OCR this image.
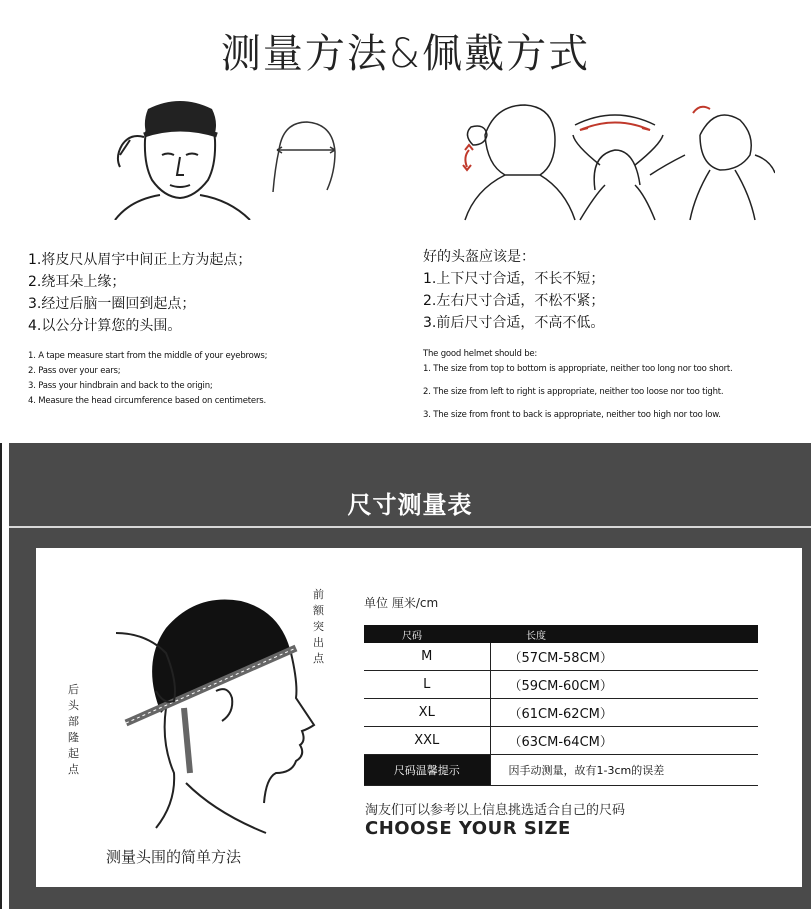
测量方法&佩戴方式
1.将皮尺从眉宇中间正上方为起点；
2.绕耳朵上缘；
3.经过后脑一圈回到起点；
4.以公分计算您的头围。
1. A tape measure start from the middle of your eyebrows;
2. Pass over your ears;
3. Pass your hindbrain and back to the origin;
4. Measure the head circumference based on centimeters.
好的头盔应该是：
1.上下尺寸合适，不长不短；
2.左右尺寸合适，不松不紧；
3.前后尺寸合适，不高不低。
The good helmet should be:
1. The size from top to bottom is appropriate, neither too long nor too short.
2. The size from left to right is appropriate, neither too loose nor too tight.
3. The size from front to back is appropriate, neither too high nor too low.
尺寸测量表
前
额
突
出
点
后
头
部
隆
起
点
单位 厘米/cm
尺码	长度
M	（57CM-58CM）
L	（59CM-60CM）
XL	（61CM-62CM）
XXL	（63CM-64CM）
尺码温馨提示	因手动测量，故有1-3cm的误差
淘友们可以参考以上信息挑选适合自己的尺码
CHOOSE YOUR SIZE
测量头围的简单方法
